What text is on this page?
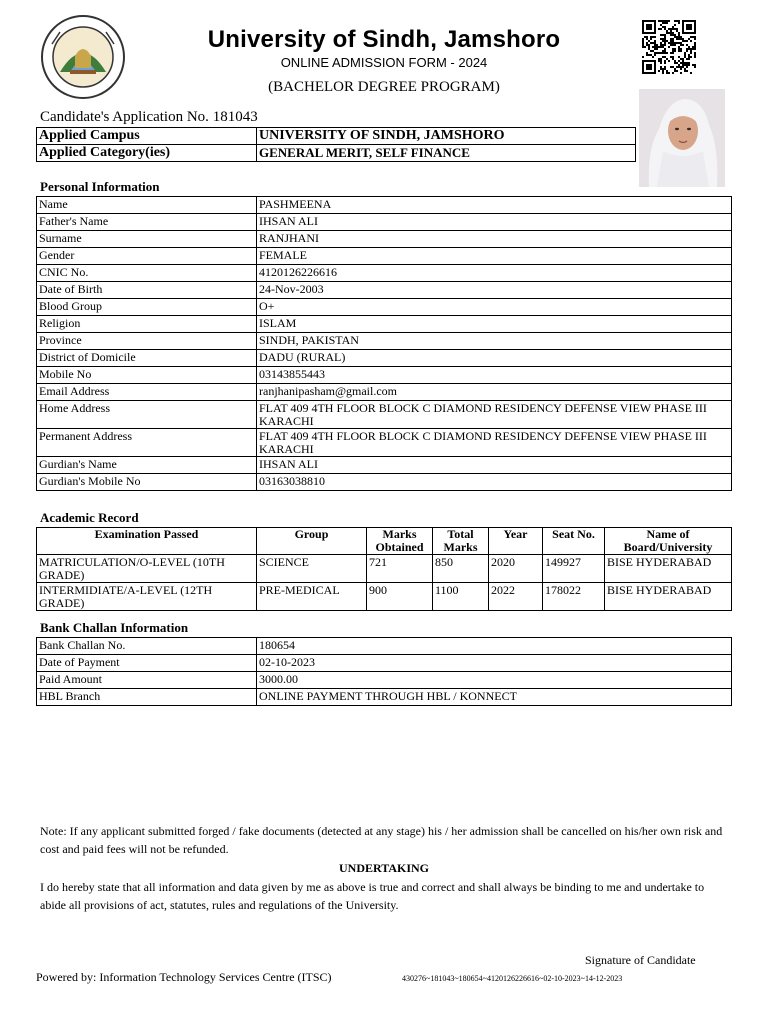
University of Sindh, Jamshoro
ONLINE ADMISSION FORM - 2024
(BACHELOR DEGREE PROGRAM)
Candidate's Application No. 181043
Applied Campus	UNIVERSITY OF SINDH, JAMSHORO
Applied Category(ies)	GENERAL MERIT, SELF FINANCE
Personal Information
Name	PASHMEENA
Father's Name	IHSAN ALI
Surname	RANJHANI
Gender	FEMALE
CNIC No.	4120126226616
Date of Birth	24-Nov-2003
Blood Group	O+
Religion	ISLAM
Province	SINDH, PAKISTAN
District of Domicile	DADU (RURAL)
Mobile No	03143855443
Email Address	ranjhanipasham@gmail.com
Home Address	FLAT 409 4TH FLOOR BLOCK C DIAMOND RESIDENCY DEFENSE VIEW PHASE III KARACHI
Permanent Address	FLAT 409 4TH FLOOR BLOCK C DIAMOND RESIDENCY DEFENSE VIEW PHASE III KARACHI
Gurdian's Name	IHSAN ALI
Gurdian's Mobile No	03163038810
Academic Record
Examination Passed	Group	Marks Obtained	Total Marks	Year	Seat No.	Name of Board/University
MATRICULATION/O-LEVEL (10TH GRADE)	SCIENCE	721	850	2020	149927	BISE HYDERABAD
INTERMIDIATE/A-LEVEL (12TH GRADE)	PRE-MEDICAL	900	1100	2022	178022	BISE HYDERABAD
Bank Challan Information
Bank Challan No.	180654
Date of Payment	02-10-2023
Paid Amount	3000.00
HBL Branch	ONLINE PAYMENT THROUGH HBL / KONNECT
Note: If any applicant submitted forged / fake documents (detected at any stage) his / her admission shall be cancelled on his/her own risk and cost and paid fees will not be refunded.
UNDERTAKING
I do hereby state that all information and data given by me as above is true and correct and shall always be binding to me and undertake to abide all provisions of act, statutes, rules and regulations of the University.
Signature of Candidate
Powered by: Information Technology Services Centre (ITSC)	430276~181043~180654~4120126226616~02-10-2023~14-12-2023
